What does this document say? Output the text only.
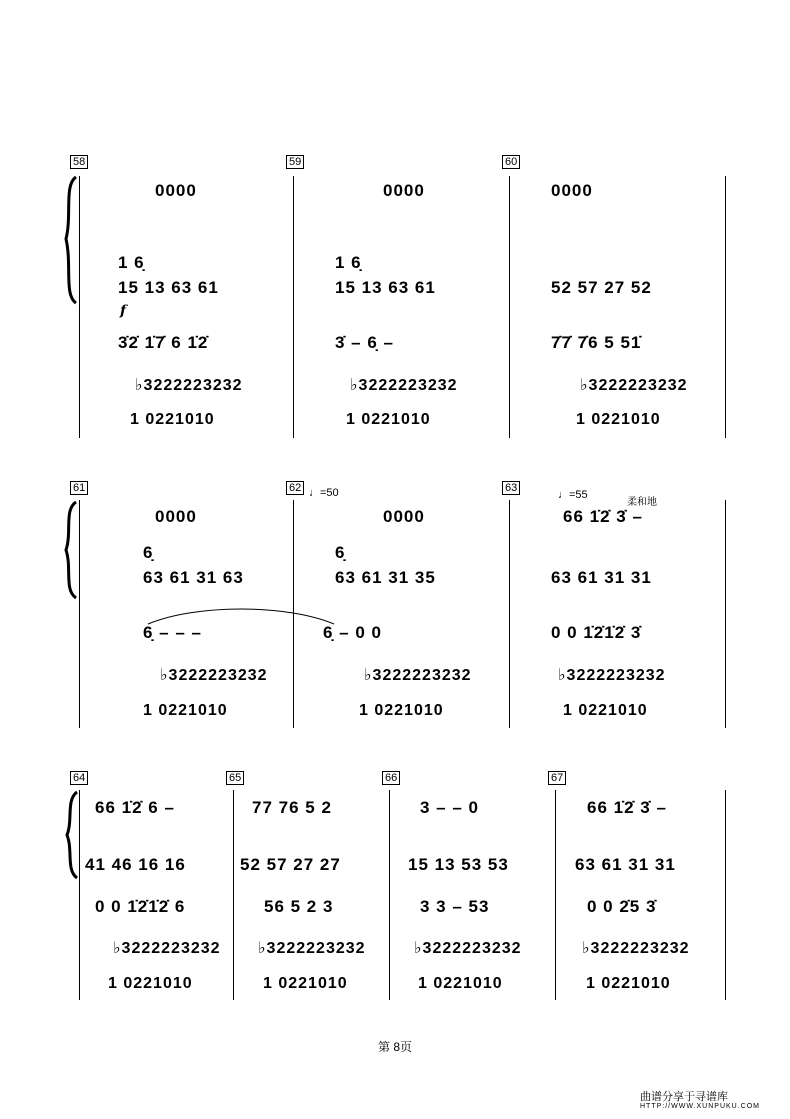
58	59	60
0000
1 6̣
15 13 63 61
f
3̇2̇ 1̇7̇ 6 1̇2̇
♭3222223232
1 0221010
0000
1 6̣
15 13 63 61
3̇ – 6̣ –
♭3222223232
1 0221010
0000
52 57 27 52
7̇7̇ 7̇6 5 51̇
♭3222223232
1 0221010
61	62	63
♩=50	♩=55
柔和地
0000
6̣
63 61 31 63
6̣ – – –
♭3222223232
1 0221010
0000
6̣
63 61 31 35
6̣ – 0 0
♭3222223232
1 0221010
66 1̇2̇ 3̇ –
63 61 31 31
0 0 1̇2̇1̇2̇ 3̇
♭3222223232
1 0221010
64	65	66	67
66 1̇2̇ 6 –
41 46 16 16
0 0 1̇2̇1̇2̇ 6
♭3222223232
1 0221010
77 76 5 2
52 57 27 27
56 5 2 3
♭3222223232
1 0221010
3 – – 0
15 13 53 53
3 3 – 53
♭3222223232
1 0221010
66 1̇2̇ 3̇ –
63 61 31 31
0 0 2̇5 3̇
♭3222223232
1 0221010
第 8页
曲谱分享于寻谱库
HTTP://WWW.XUNPUKU.COM
